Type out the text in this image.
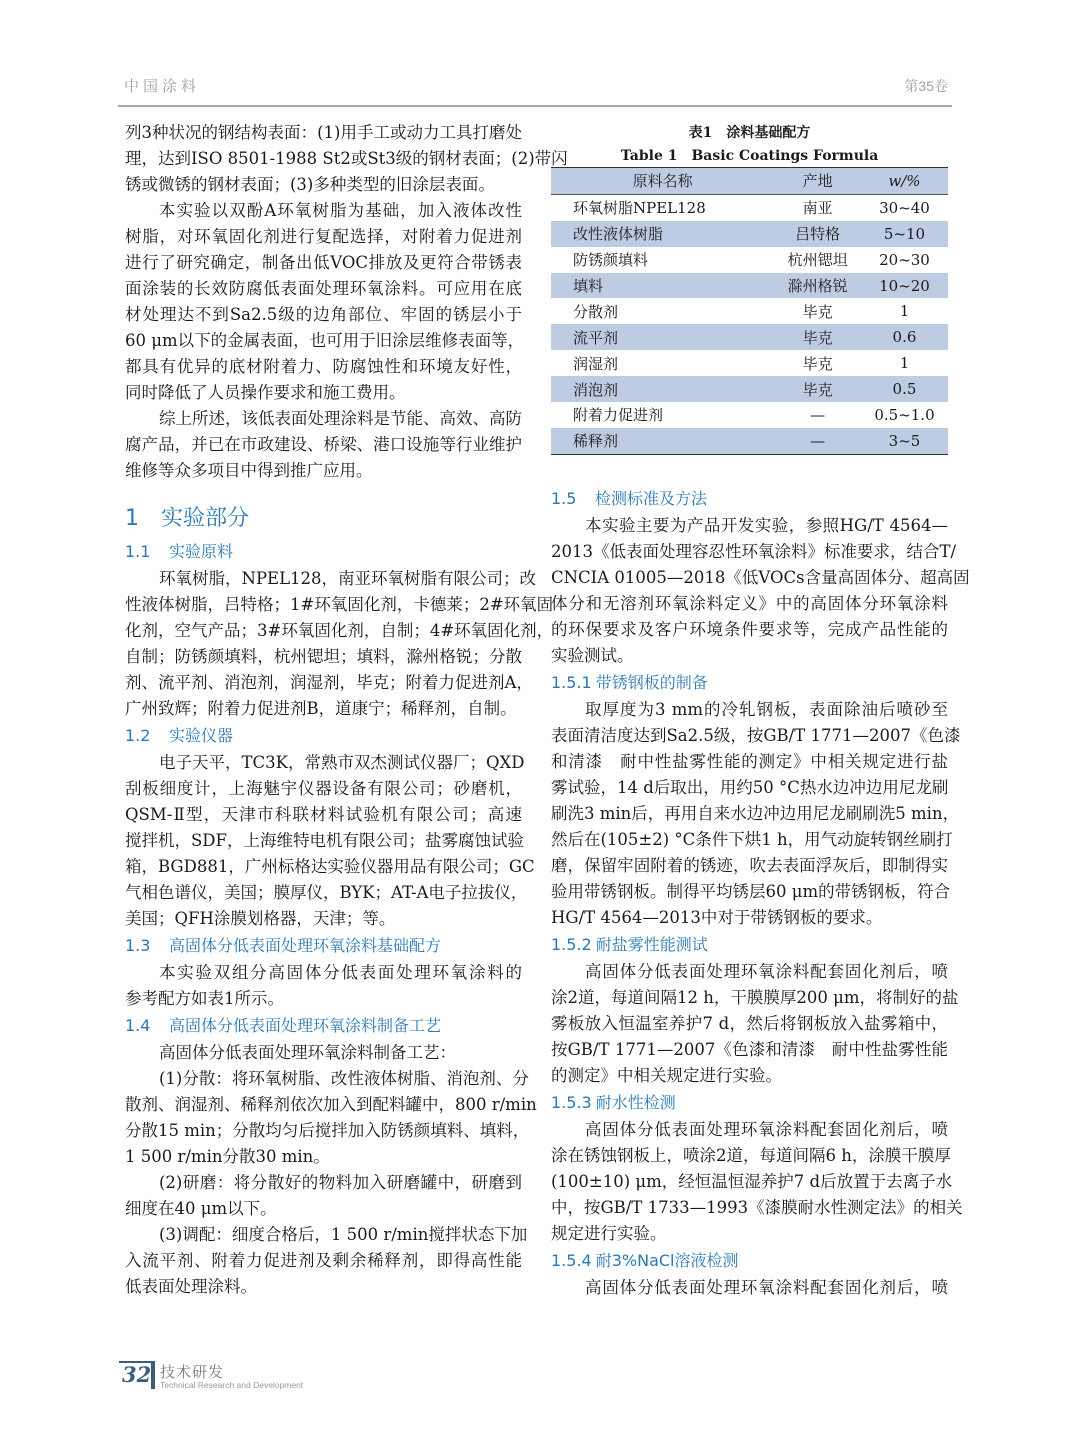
中国涂料	第35卷
列3种状况的钢结构表面：(1)用手工或动力工具打磨处
理，达到ISO 8501-1988 St2或St3级的钢材表面；(2)带闪
锈或微锈的钢材表面；(3)多种类型的旧涂层表面。
本实验以双酚A环氧树脂为基础，加入液体改性
树脂，对环氧固化剂进行复配选择，对附着力促进剂
进行了研究确定，制备出低VOC排放及更符合带锈表
面涂装的长效防腐低表面处理环氧涂料。可应用在底
材处理达不到Sa2.5级的边角部位、牢固的锈层小于
60 μm以下的金属表面，也可用于旧涂层维修表面等，
都具有优异的底材附着力、防腐蚀性和环境友好性，
同时降低了人员操作要求和施工费用。
综上所述，该低表面处理涂料是节能、高效、高防
腐产品，并已在市政建设、桥梁、港口设施等行业维护
维修等众多项目中得到推广应用。
1 实验部分
1.1 实验原料
环氧树脂，NPEL128，南亚环氧树脂有限公司；改
性液体树脂，吕特格；1#环氧固化剂，卡德莱；2#环氧固
化剂，空气产品；3#环氧固化剂，自制；4#环氧固化剂，
自制；防锈颜填料，杭州锶坦；填料，滁州格锐；分散
剂、流平剂、消泡剂，润湿剂，毕克；附着力促进剂A，
广州致辉；附着力促进剂B，道康宁；稀释剂，自制。
1.2 实验仪器
电子天平，TC3K，常熟市双杰测试仪器厂；QXD
刮板细度计，上海魅宇仪器设备有限公司；砂磨机，
QSM-Ⅱ型，天津市科联材料试验机有限公司；高速
搅拌机，SDF，上海维特电机有限公司；盐雾腐蚀试验
箱，BGD881，广州标格达实验仪器用品有限公司；GC
气相色谱仪，美国；膜厚仪，BYK；AT-A电子拉拔仪，
美国；QFH涂膜划格器，天津；等。
1.3 高固体分低表面处理环氧涂料基础配方
本实验双组分高固体分低表面处理环氧涂料的
参考配方如表1所示。
1.4 高固体分低表面处理环氧涂料制备工艺
高固体分低表面处理环氧涂料制备工艺：
(1)分散：将环氧树脂、改性液体树脂、消泡剂、分
散剂、润湿剂、稀释剂依次加入到配料罐中，800 r/min
分散15 min；分散均匀后搅拌加入防锈颜填料、填料，
1 500 r/min分散30 min。
(2)研磨：将分散好的物料加入研磨罐中，研磨到
细度在40 μm以下。
(3)调配：细度合格后，1 500 r/min搅拌状态下加
入流平剂、附着力促进剂及剩余稀释剂，即得高性能
低表面处理涂料。
表1　涂料基础配方
Table 1　Basic Coatings Formula
原料名称	产地	w/%
环氧树脂NPEL128	南亚	30~40
改性液体树脂	吕特格	5~10
防锈颜填料	杭州锶坦	20~30
填料	滁州格锐	10~20
分散剂	毕克	1
流平剂	毕克	0.6
润湿剂	毕克	1
消泡剂	毕克	0.5
附着力促进剂	—	0.5~1.0
稀释剂	—	3~5
1.5 检测标准及方法
本实验主要为产品开发实验，参照HG/T 4564—
2013《低表面处理容忍性环氧涂料》标准要求，结合T/
CNCIA 01005—2018《低VOCs含量高固体分、超高固
体分和无溶剂环氧涂料定义》中的高固体分环氧涂料
的环保要求及客户环境条件要求等，完成产品性能的
实验测试。
1.5.1 带锈钢板的制备
取厚度为3 mm的冷轧钢板，表面除油后喷砂至
表面清洁度达到Sa2.5级，按GB/T 1771—2007《色漆
和清漆　耐中性盐雾性能的测定》中相关规定进行盐
雾试验，14 d后取出，用约50 °C热水边冲边用尼龙刷
刷洗3 min后，再用自来水边冲边用尼龙刷刷洗5 min，
然后在(105±2) °C条件下烘1 h，用气动旋转钢丝刷打
磨，保留牢固附着的锈迹，吹去表面浮灰后，即制得实
验用带锈钢板。制得平均锈层60 μm的带锈钢板，符合
HG/T 4564—2013中对于带锈钢板的要求。
1.5.2 耐盐雾性能测试
高固体分低表面处理环氧涂料配套固化剂后，喷
涂2道，每道间隔12 h，干膜膜厚200 μm，将制好的盐
雾板放入恒温室养护7 d，然后将钢板放入盐雾箱中，
按GB/T 1771—2007《色漆和清漆　耐中性盐雾性能
的测定》中相关规定进行实验。
1.5.3 耐水性检测
高固体分低表面处理环氧涂料配套固化剂后，喷
涂在锈蚀钢板上，喷涂2道，每道间隔6 h，涂膜干膜厚
(100±10) μm，经恒温恒湿养护7 d后放置于去离子水
中，按GB/T 1733—1993《漆膜耐水性测定法》的相关
规定进行实验。
1.5.4 耐3%NaCl溶液检测
高固体分低表面处理环氧涂料配套固化剂后，喷
32 技术研发
Technical Research and Development
